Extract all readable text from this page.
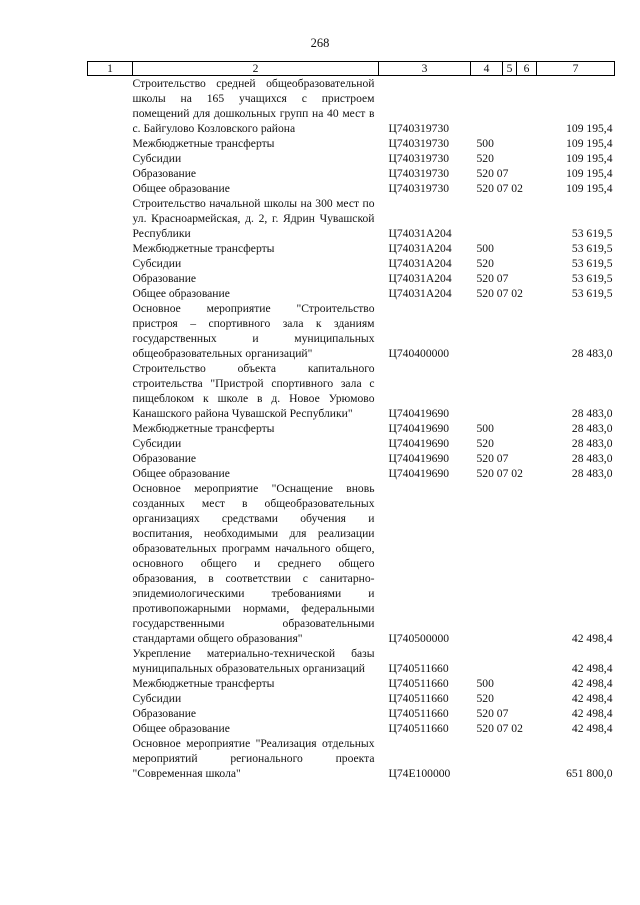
268
1	2	3	4	5	6	7
	Строительство средней общеобразовательной школы на 165 учащихся с пристроем помещений для дошкольных групп на 40 мест в с. Байгулово Козловского района	Ц740319730				109 195,4
	Межбюджетные трансферты	Ц740319730	500			109 195,4
	Субсидии	Ц740319730	520			109 195,4
	Образование	Ц740319730	520 07			109 195,4
	Общее образование	Ц740319730	520 07 02			109 195,4
	Строительство начальной школы на 300 мест по ул. Красноармейская, д. 2, г. Ядрин Чувашской Республики	Ц74031А204				53 619,5
	Межбюджетные трансферты	Ц74031А204	500			53 619,5
	Субсидии	Ц74031А204	520			53 619,5
	Образование	Ц74031А204	520 07			53 619,5
	Общее образование	Ц74031А204	520 07 02			53 619,5
	Основное мероприятие "Строительство пристроя – спортивного зала к зданиям государственных и муниципальных общеобразовательных организаций"	Ц740400000				28 483,0
	Строительство объекта капитального строительства "Пристрой спортивного зала с пищеблоком к школе в д. Новое Урюмово Канашского района Чувашской Республики"	Ц740419690				28 483,0
	Межбюджетные трансферты	Ц740419690	500			28 483,0
	Субсидии	Ц740419690	520			28 483,0
	Образование	Ц740419690	520 07			28 483,0
	Общее образование	Ц740419690	520 07 02			28 483,0
	Основное мероприятие "Оснащение вновь созданных мест в общеобразовательных организациях средствами обучения и воспитания, необходимыми для реализации образовательных программ начального общего, основного общего и среднего общего образования, в соответствии с санитарно-эпидемиологическими требованиями и противопожарными нормами, федеральными государственными образовательными стандартами общего образования"	Ц740500000				42 498,4
	Укрепление материально-технической базы муниципальных образовательных организаций	Ц740511660				42 498,4
	Межбюджетные трансферты	Ц740511660	500			42 498,4
	Субсидии	Ц740511660	520			42 498,4
	Образование	Ц740511660	520 07			42 498,4
	Общее образование	Ц740511660	520 07 02			42 498,4
	Основное мероприятие "Реализация отдельных мероприятий регионального проекта "Современная школа"	Ц74Е100000				651 800,0
